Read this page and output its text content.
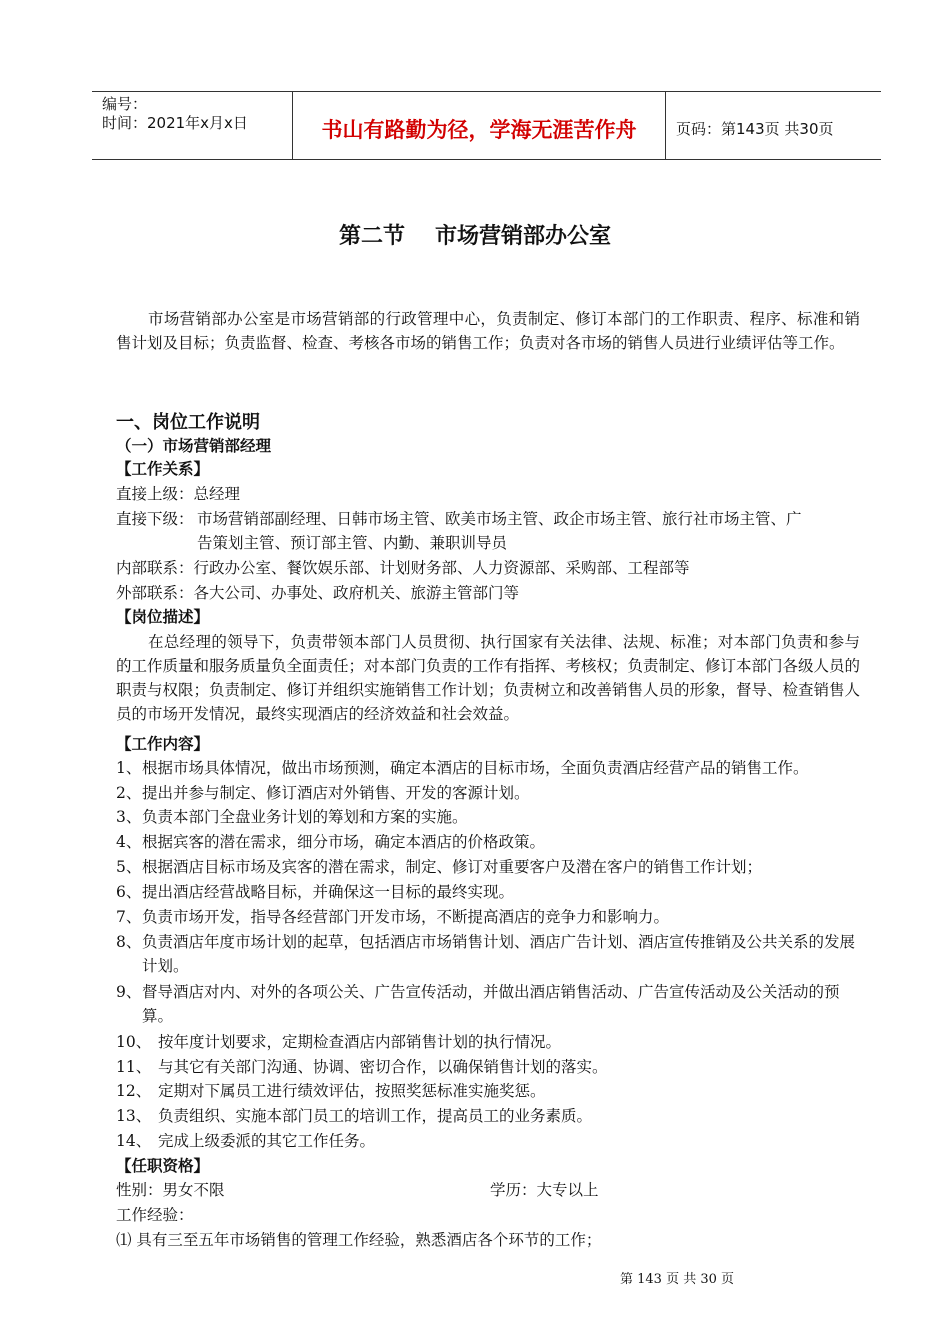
编号：
时间：2021年x月x日	书山有路勤为径，学海无涯苦作舟	页码：第143页 共30页
第二节 市场营销部办公室
市场营销部办公室是市场营销部的行政管理中心，负责制定、修订本部门的工作职责、程序、标准和销售计划及目标；负责监督、检查、考核各市场的销售工作；负责对各市场的销售人员进行业绩评估等工作。
一、岗位工作说明
（一）市场营销部经理
【工作关系】
直接上级：总经理
直接下级： 市场营销部副经理、日韩市场主管、欧美市场主管、政企市场主管、旅行社市场主管、广
告策划主管、预订部主管、内勤、兼职训导员
内部联系：行政办公室、餐饮娱乐部、计划财务部、人力资源部、采购部、工程部等
外部联系：各大公司、办事处、政府机关、旅游主管部门等
【岗位描述】
在总经理的领导下，负责带领本部门人员贯彻、执行国家有关法律、法规、标准；对本部门负责和参与的工作质量和服务质量负全面责任；对本部门负责的工作有指挥、考核权；负责制定、修订本部门各级人员的职责与权限；负责制定、修订并组织实施销售工作计划；负责树立和改善销售人员的形象，督导、检查销售人员的市场开发情况，最终实现酒店的经济效益和社会效益。
【工作内容】
1、 根据市场具体情况，做出市场预测，确定本酒店的目标市场，全面负责酒店经营产品的销售工作。
2、 提出并参与制定、修订酒店对外销售、开发的客源计划。
3、 负责本部门全盘业务计划的筹划和方案的实施。
4、 根据宾客的潜在需求，细分市场，确定本酒店的价格政策。
5、 根据酒店目标市场及宾客的潜在需求，制定、修订对重要客户及潜在客户的销售工作计划；
6、 提出酒店经营战略目标，并确保这一目标的最终实现。
7、 负责市场开发，指导各经营部门开发市场，不断提高酒店的竞争力和影响力。
8、 负责酒店年度市场计划的起草，包括酒店市场销售计划、酒店广告计划、酒店宣传推销及公共关系的发展计划。
9、 督导酒店对内、对外的各项公关、广告宣传活动，并做出酒店销售活动、广告宣传活动及公关活动的预算。
10、 按年度计划要求，定期检查酒店内部销售计划的执行情况。
11、 与其它有关部门沟通、协调、密切合作，以确保销售计划的落实。
12、 定期对下属员工进行绩效评估，按照奖惩标准实施奖惩。
13、 负责组织、实施本部门员工的培训工作，提高员工的业务素质。
14、 完成上级委派的其它工作任务。
【任职资格】
性别：男女不限	学历：大专以上
工作经验：
⑴ 具有三至五年市场销售的管理工作经验，熟悉酒店各个环节的工作；
第 143 页 共 30 页
